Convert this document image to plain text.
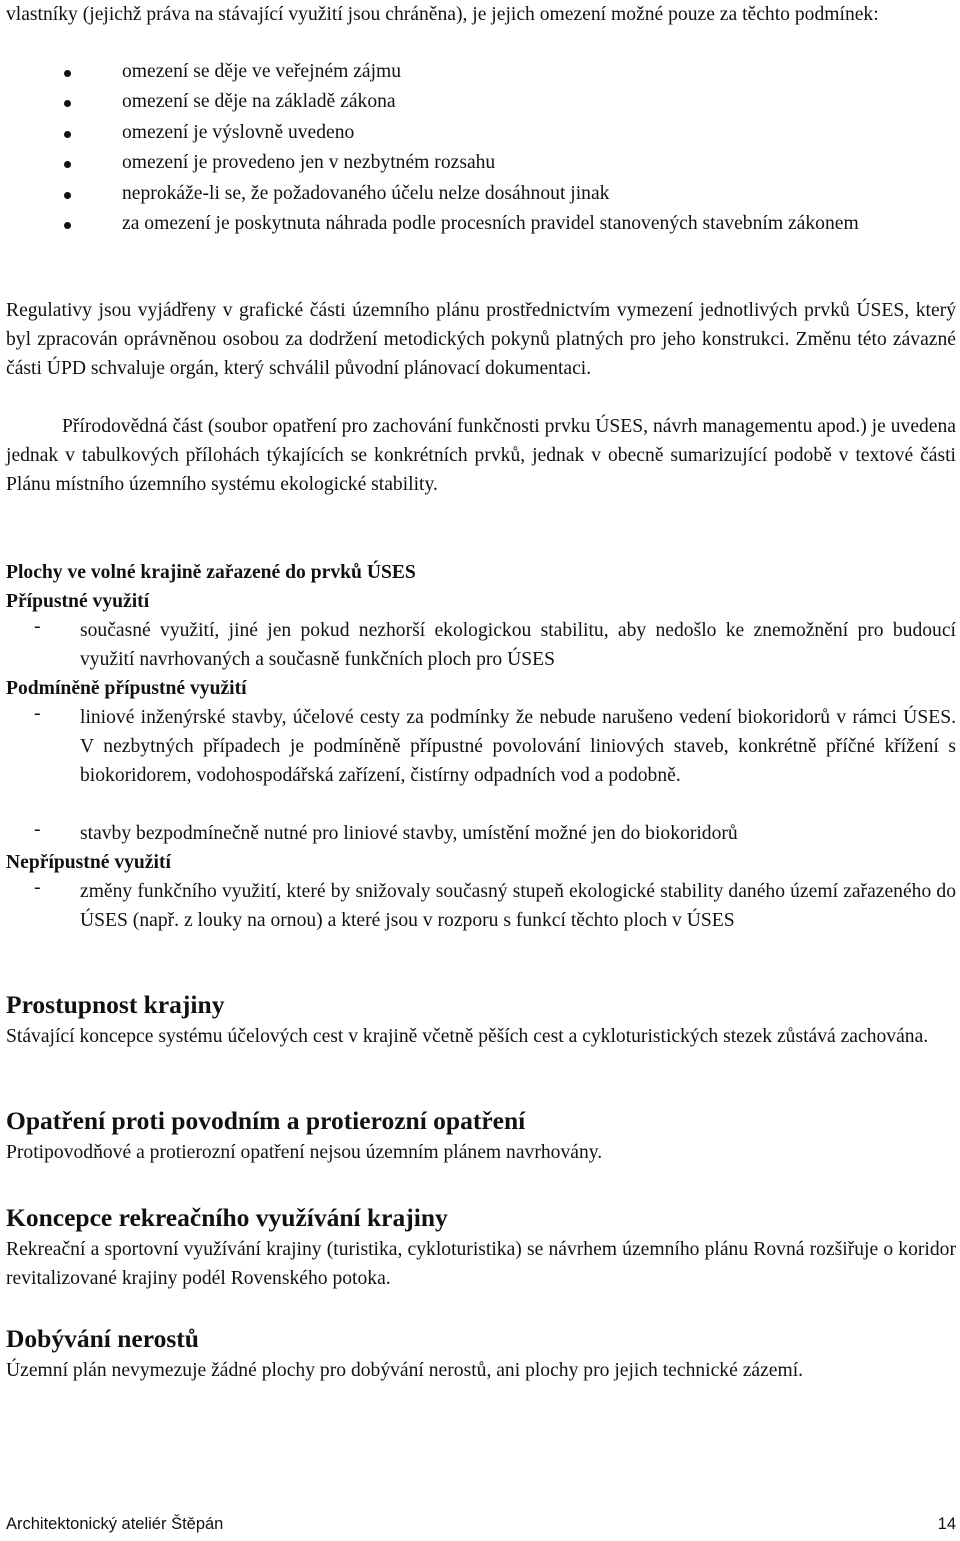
vlastníky (jejichž práva na stávající využití jsou chráněna), je jejich omezení možné pouze za těchto podmínek:

omezení se děje ve veřejném zájmu
omezení se děje na základě zákona
omezení je výslovně uvedeno
omezení je provedeno jen v nezbytném rozsahu
neprokáže-li se, že požadovaného účelu nelze dosáhnout jinak
za omezení je poskytnuta náhrada podle procesních pravidel stanovených stavebním zákonem

Regulativy jsou vyjádřeny v grafické části územního plánu prostřednictvím vymezení jednotlivých prvků ÚSES, který byl zpracován oprávněnou osobou za dodržení metodických pokynů platných pro jeho konstrukci. Změnu této závazné části ÚPD schvaluje orgán, který schválil původní plánovací dokumentaci.

Přírodovědná část (soubor opatření pro zachování funkčnosti prvku ÚSES, návrh managementu apod.) je uvedena jednak v tabulkových přílohách týkajících se konkrétních prvků, jednak v obecně sumarizující podobě v textové části Plánu místního územního systému ekologické stability.

Plochy ve volné krajině zařazené do prvků ÚSES
Přípustné využití
- současné využití, jiné jen pokud nezhorší ekologickou stabilitu, aby nedošlo ke znemožnění pro budoucí využití navrhovaných a současně funkčních ploch pro ÚSES

Podmíněně přípustné využití
- liniové inženýrské stavby, účelové cesty za podmínky že nebude narušeno vedení biokoridorů v rámci ÚSES. V nezbytných případech je podmíněně přípustné povolování liniových staveb, konkrétně příčné křížení s biokoridorem, vodohospodářská zařízení, čistírny odpadních vod a podobně.

- stavby bezpodmínečně nutné pro liniové stavby, umístění možné jen do biokoridorů

Nepřípustné využití
- změny funkčního využití, které by snižovaly současný stupeň ekologické stability daného území zařazeného do ÚSES (např. z louky na ornou) a které jsou v rozporu s funkcí těchto ploch v ÚSES

Prostupnost krajiny

Stávající koncepce systému účelových cest v krajině včetně pěších cest a cykloturistických stezek zůstává zachována.

Opatření proti povodním a protierozní opatření

Protipovodňové a protierozní opatření nejsou územním plánem navrhovány.

Koncepce rekreačního využívání krajiny

Rekreační a sportovní využívání krajiny (turistika, cykloturistika) se návrhem územního plánu Rovná rozšiřuje o koridor revitalizované krajiny podél Rovenského potoka.

Dobývání nerostů

Územní plán nevymezuje žádné plochy pro dobývání nerostů, ani plochy pro jejich technické zázemí.

Architektonický ateliér Štěpán	14
